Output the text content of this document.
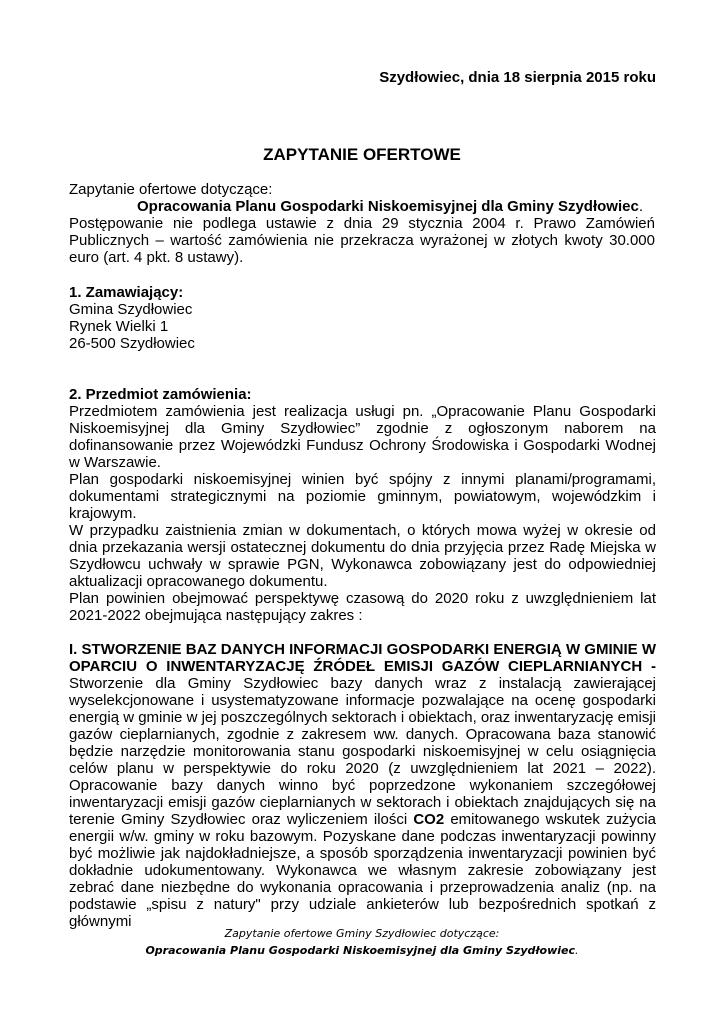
Szydłowiec, dnia 18 sierpnia 2015 roku
ZAPYTANIE OFERTOWE
Zapytanie ofertowe dotyczące:
Opracowania Planu Gospodarki Niskoemisyjnej dla Gminy Szydłowiec.
Postępowanie nie podlega ustawie z dnia 29 stycznia 2004 r. Prawo Zamówień Publicznych – wartość zamówienia nie przekracza wyrażonej w złotych kwoty 30.000 euro (art. 4 pkt. 8 ustawy).
1. Zamawiający:
Gmina Szydłowiec
Rynek Wielki 1
26-500 Szydłowiec
2. Przedmiot zamówienia:
Przedmiotem zamówienia jest realizacja usługi pn. „Opracowanie Planu Gospodarki Niskoemisyjnej dla Gminy Szydłowiec” zgodnie z ogłoszonym naborem na dofinansowanie przez Wojewódzki Fundusz Ochrony Środowiska i Gospodarki Wodnej w Warszawie.
Plan gospodarki niskoemisyjnej winien być spójny z innymi planami/programami, dokumentami strategicznymi na poziomie gminnym, powiatowym, wojewódzkim i krajowym.
W przypadku zaistnienia zmian w dokumentach, o których mowa wyżej w okresie od dnia przekazania wersji ostatecznej dokumentu do dnia przyjęcia przez Radę Miejska w Szydłowcu uchwały w sprawie PGN, Wykonawca zobowiązany jest do odpowiedniej aktualizacji opracowanego dokumentu.
Plan powinien obejmować perspektywę czasową do 2020 roku z uwzględnieniem lat 2021-2022 obejmująca następujący zakres :
I. STWORZENIE BAZ DANYCH INFORMACJI GOSPODARKI ENERGIĄ W GMINIE W OPARCIU O INWENTARYZACJĘ ŹRÓDEŁ EMISJI GAZÓW CIEPLARNIANYCH -
Stworzenie dla Gminy Szydłowiec bazy danych wraz z instalacją zawierającej wyselekcjonowane i usystematyzowane informacje pozwalające na ocenę gospodarki energią w gminie w jej poszczególnych sektorach i obiektach, oraz inwentaryzację emisji gazów cieplarnianych, zgodnie z zakresem ww. danych. Opracowana baza stanowić będzie narzędzie monitorowania stanu gospodarki niskoemisyjnej w celu osiągnięcia celów planu w perspektywie do roku 2020 (z uwzględnieniem lat 2021 – 2022). Opracowanie bazy danych winno być poprzedzone wykonaniem szczegółowej inwentaryzacji emisji gazów cieplarnianych w sektorach i obiektach znajdujących się na terenie Gminy Szydłowiec oraz wyliczeniem ilości CO2 emitowanego wskutek zużycia energii w/w. gminy w roku bazowym. Pozyskane dane podczas inwentaryzacji powinny być możliwie jak najdokładniejsze, a sposób sporządzenia inwentaryzacji powinien być dokładnie udokumentowany. Wykonawca we własnym zakresie zobowiązany jest zebrać dane niezbędne do wykonania opracowania i przeprowadzenia analiz (np. na podstawie „spisu z natury" przy udziale ankieterów lub bezpośrednich spotkań z głównymi
Zapytanie ofertowe Gminy Szydłowiec dotyczące:
Opracowania Planu Gospodarki Niskoemisyjnej dla Gminy Szydłowiec.
